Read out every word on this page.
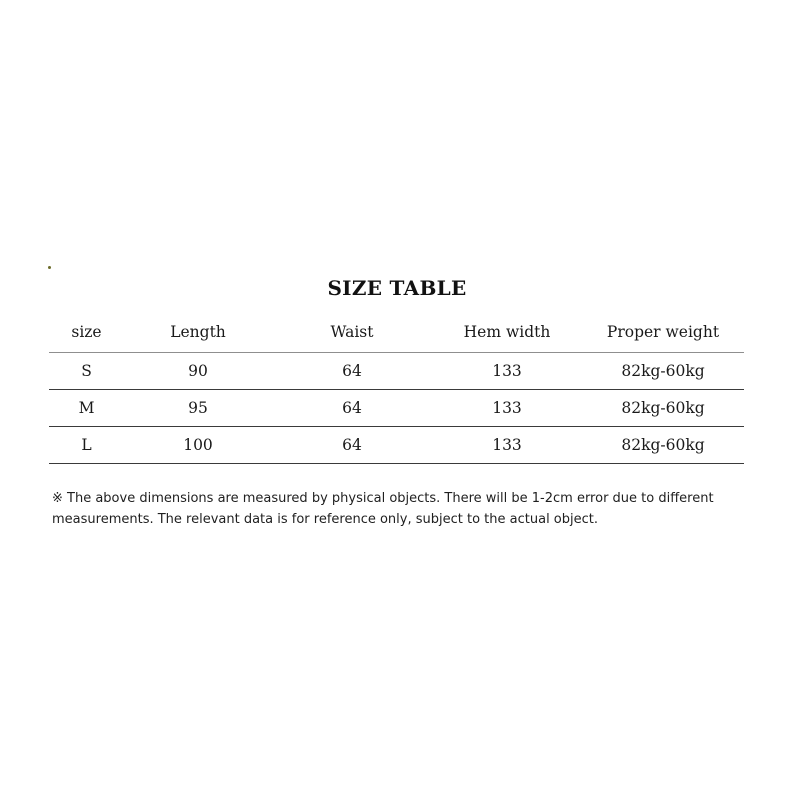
SIZE TABLE
size	Length	Waist	Hem width	Proper weight
S	90	64	133	82kg-60kg
M	95	64	133	82kg-60kg
L	100	64	133	82kg-60kg
※ The above dimensions are measured by physical objects. There will be 1-2cm error due to different measurements. The relevant data is for reference only, subject to the actual object.
